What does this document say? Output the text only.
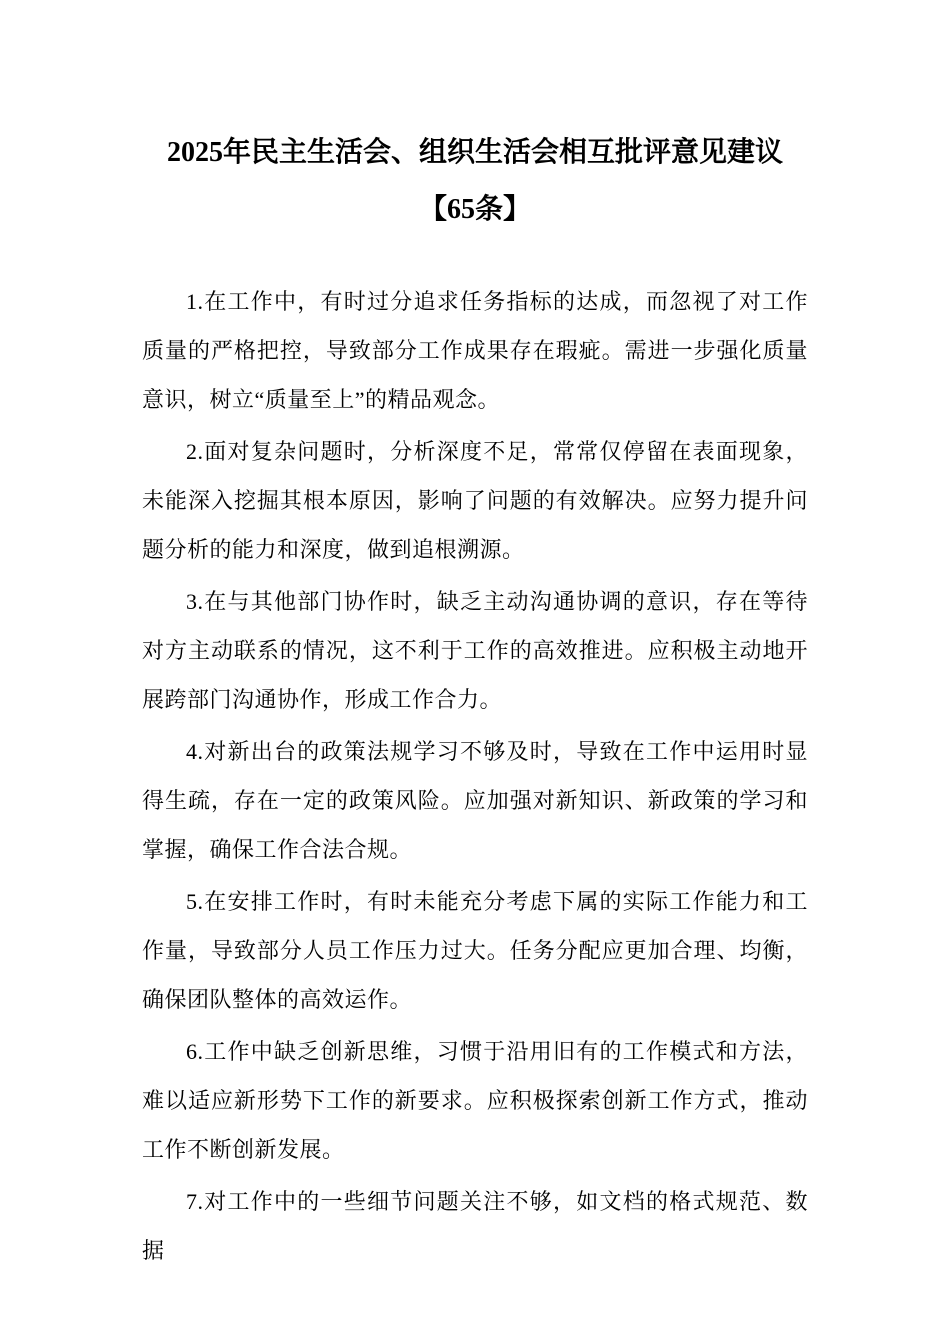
2025年民主生活会、组织生活会相互批评意见建议
【65条】

1.在工作中，有时过分追求任务指标的达成，而忽视了对工作质量的严格把控，导致部分工作成果存在瑕疵。需进一步强化质量意识，树立“质量至上”的精品观念。

2.面对复杂问题时，分析深度不足，常常仅停留在表面现象，未能深入挖掘其根本原因，影响了问题的有效解决。应努力提升问题分析的能力和深度，做到追根溯源。

3.在与其他部门协作时，缺乏主动沟通协调的意识，存在等待对方主动联系的情况，这不利于工作的高效推进。应积极主动地开展跨部门沟通协作，形成工作合力。

4.对新出台的政策法规学习不够及时，导致在工作中运用时显得生疏，存在一定的政策风险。应加强对新知识、新政策的学习和掌握，确保工作合法合规。

5.在安排工作时，有时未能充分考虑下属的实际工作能力和工作量，导致部分人员工作压力过大。任务分配应更加合理、均衡，确保团队整体的高效运作。

6.工作中缺乏创新思维，习惯于沿用旧有的工作模式和方法，难以适应新形势下工作的新要求。应积极探索创新工作方式，推动工作不断创新发展。

7.对工作中的一些细节问题关注不够，如文档的格式规范、数据
